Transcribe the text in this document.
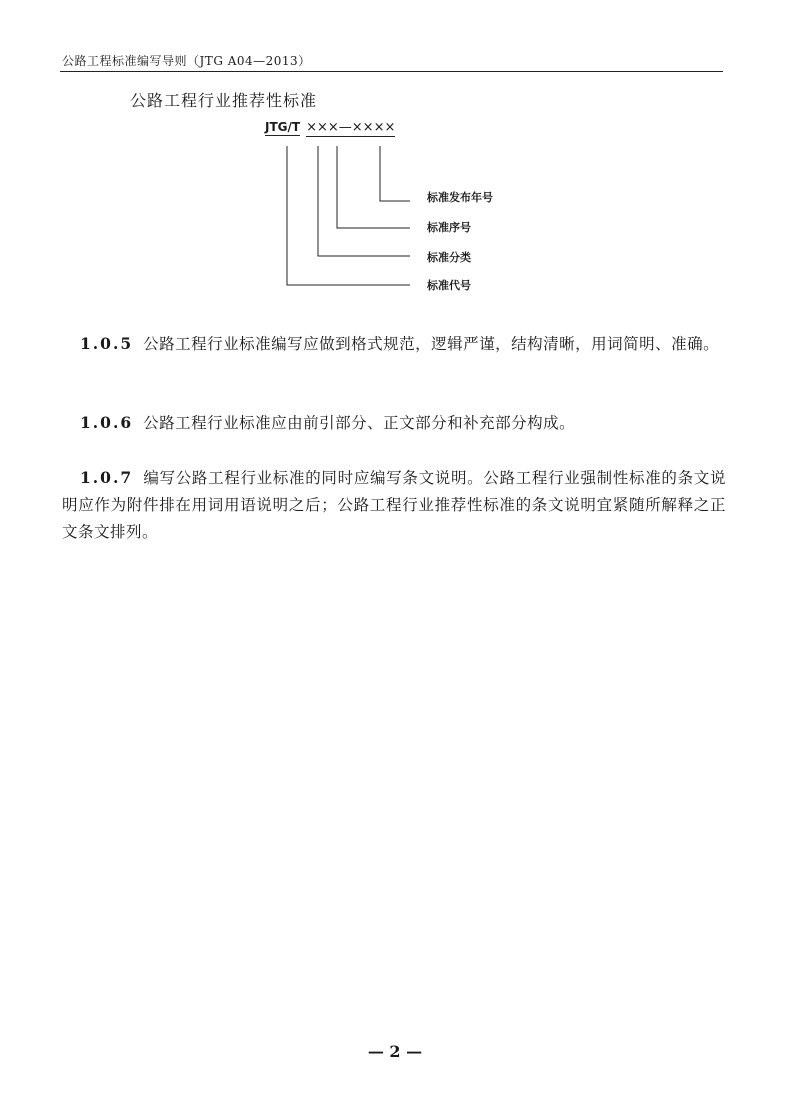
公路工程标准编写导则（JTG A04—2013）
公路工程行业推荐性标准
JTG/T × ×× — ××××
标准发布年号
标准序号
标准分类
标准代号
1.0.5 公路工程行业标准编写应做到格式规范，逻辑严谨，结构清晰，用词简明、准确。
1.0.6 公路工程行业标准应由前引部分、正文部分和补充部分构成。
1.0.7 编写公路工程行业标准的同时应编写条文说明。公路工程行业强制性标准的条文说明应作为附件排在用词用语说明之后；公路工程行业推荐性标准的条文说明宜紧随所解释之正文条文排列。
— 2 —
